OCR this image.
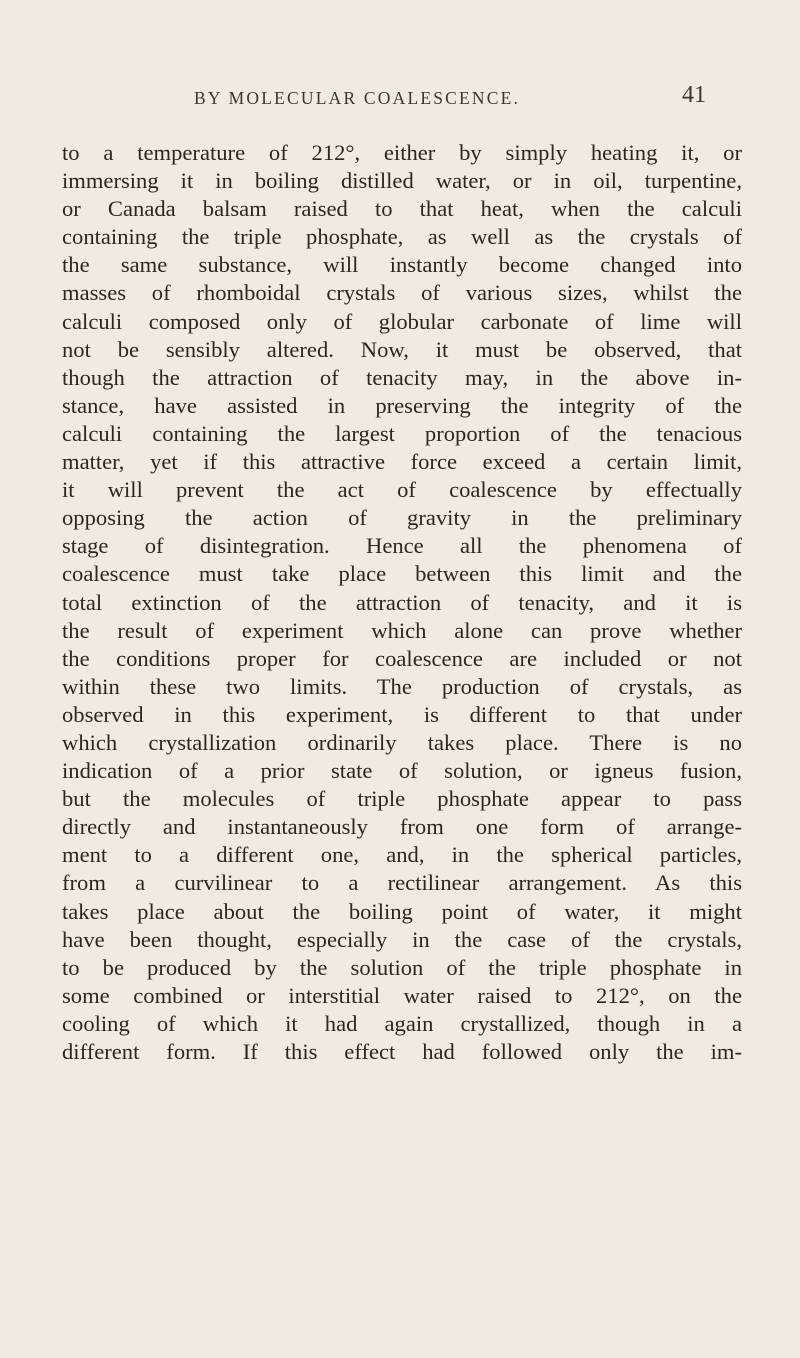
BY MOLECULAR COALESCENCE.	41
to a temperature of 212°, either by simply heating it, or
immersing it in boiling distilled water, or in oil, turpentine,
or Canada balsam raised to that heat, when the calculi
containing the triple phosphate, as well as the crystals of
the same substance, will instantly become changed into
masses of rhomboidal crystals of various sizes, whilst the
calculi composed only of globular carbonate of lime will
not be sensibly altered. Now, it must be observed, that
though the attraction of tenacity may, in the above in-
stance, have assisted in preserving the integrity of the
calculi containing the largest proportion of the tenacious
matter, yet if this attractive force exceed a certain limit,
it will prevent the act of coalescence by effectually
opposing the action of gravity in the preliminary
stage of disintegration. Hence all the phenomena of
coalescence must take place between this limit and the
total extinction of the attraction of tenacity, and it is
the result of experiment which alone can prove whether
the conditions proper for coalescence are included or not
within these two limits. The production of crystals, as
observed in this experiment, is different to that under
which crystallization ordinarily takes place. There is no
indication of a prior state of solution, or igneus fusion,
but the molecules of triple phosphate appear to pass
directly and instantaneously from one form of arrange-
ment to a different one, and, in the spherical particles,
from a curvilinear to a rectilinear arrangement. As this
takes place about the boiling point of water, it might
have been thought, especially in the case of the crystals,
to be produced by the solution of the triple phosphate in
some combined or interstitial water raised to 212°, on the
cooling of which it had again crystallized, though in a
different form. If this effect had followed only the im-
